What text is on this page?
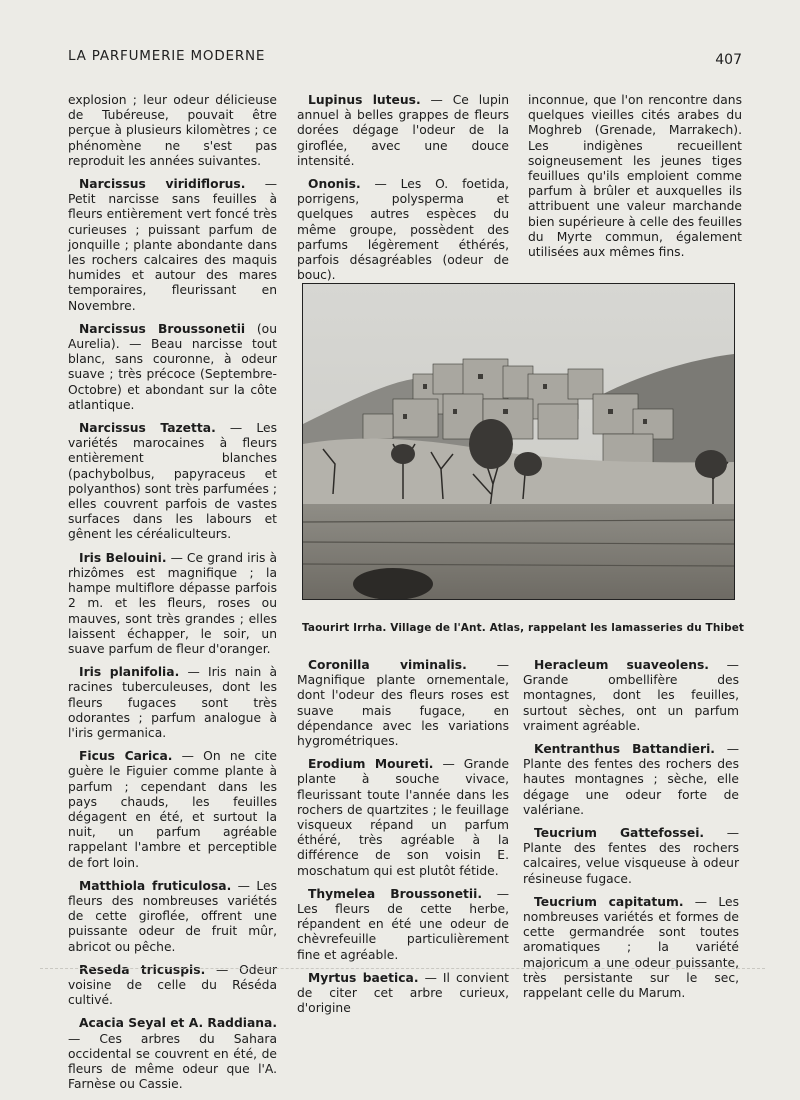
LA PARFUMERIE MODERNE	407

explosion ; leur odeur délicieuse de Tubéreuse, pouvait être perçue à plusieurs kilomètres ; ce phénomène ne s'est pas reproduit les années suivantes.

Narcissus viridiflorus. — Petit narcisse sans feuilles à fleurs entièrement vert foncé très curieuses ; puissant parfum de jonquille ; plante abondante dans les rochers calcaires des maquis humides et autour des mares temporaires, fleurissant en Novembre.

Narcissus Broussonetii (ou Aurelia). — Beau narcisse tout blanc, sans couronne, à odeur suave ; très précoce (Septembre-Octobre) et abondant sur la côte atlantique.

Narcissus Tazetta. — Les variétés marocaines à fleurs entièrement blanches (pachybolbus, papyraceus et polyanthos) sont très parfumées ; elles couvrent parfois de vastes surfaces dans les labours et gênent les céréaliculteurs.

Iris Belouini. — Ce grand iris à rhizômes est magnifique ; la hampe multiflore dépasse parfois 2 m. et les fleurs, roses ou mauves, sont très grandes ; elles laissent échapper, le soir, un suave parfum de fleur d'oranger.

Iris planifolia. — Iris nain à racines tuberculeuses, dont les fleurs fugaces sont très odorantes ; parfum analogue à l'iris germanica.

Ficus Carica. — On ne cite guère le Figuier comme plante à parfum ; cependant dans les pays chauds, les feuilles dégagent en été, et surtout la nuit, un parfum agréable rappelant l'ambre et perceptible de fort loin.

Matthiola fruticulosa. — Les fleurs des nombreuses variétés de cette giroflée, offrent une puissante odeur de fruit mûr, abricot ou pêche.

Reseda tricuspis. — Odeur voisine de celle du Réséda cultivé.

Acacia Seyal et A. Raddiana. — Ces arbres du Sahara occidental se couvrent en été, de fleurs de même odeur que l'A. Farnèse ou Cassie.

Lupinus luteus. — Ce lupin annuel à belles grappes de fleurs dorées dégage l'odeur de la giroflée, avec une douce intensité.

Ononis. — Les O. foetida, porrigens, polysperma et quelques autres espèces du même groupe, possèdent des parfums légèrement éthérés, parfois désagréables (odeur de bouc).

inconnue, que l'on rencontre dans quelques vieilles cités arabes du Moghreb (Grenade, Marrakech). Les indigènes recueillent soigneusement les jeunes tiges feuillues qu'ils emploient comme parfum à brûler et auxquelles ils attribuent une valeur marchande bien supérieure à celle des feuilles du Myrte commun, également utilisées aux mêmes fins.

Taourirt Irrha. Village de l'Ant. Atlas, rappelant les lamasseries du Thibet

Coronilla viminalis. — Magnifique plante ornementale, dont l'odeur des fleurs roses est suave mais fugace, en dépendance avec les variations hygrométriques.

Erodium Moureti. — Grande plante à souche vivace, fleurissant toute l'année dans les rochers de quartzites ; le feuillage visqueux répand un parfum éthéré, très agréable à la différence de son voisin E. moschatum qui est plutôt fétide.

Thymelea Broussonetii. — Les fleurs de cette herbe, répandent en été une odeur de chèvrefeuille particulièrement fine et agréable.

Myrtus baetica. — Il convient de citer cet arbre curieux, d'origine

Heracleum suaveolens. — Grande ombellifère des montagnes, dont les feuilles, surtout sèches, ont un parfum vraiment agréable.

Kentranthus Battandieri. — Plante des fentes des rochers des hautes montagnes ; sèche, elle dégage une odeur forte de valériane.

Teucrium Gattefossei. — Plante des fentes des rochers calcaires, velue visqueuse à odeur résineuse fugace.

Teucrium capitatum. — Les nombreuses variétés et formes de cette germandrée sont toutes aromatiques ; la variété majoricum a une odeur puissante, très persistante sur le sec, rappelant celle du Marum.
